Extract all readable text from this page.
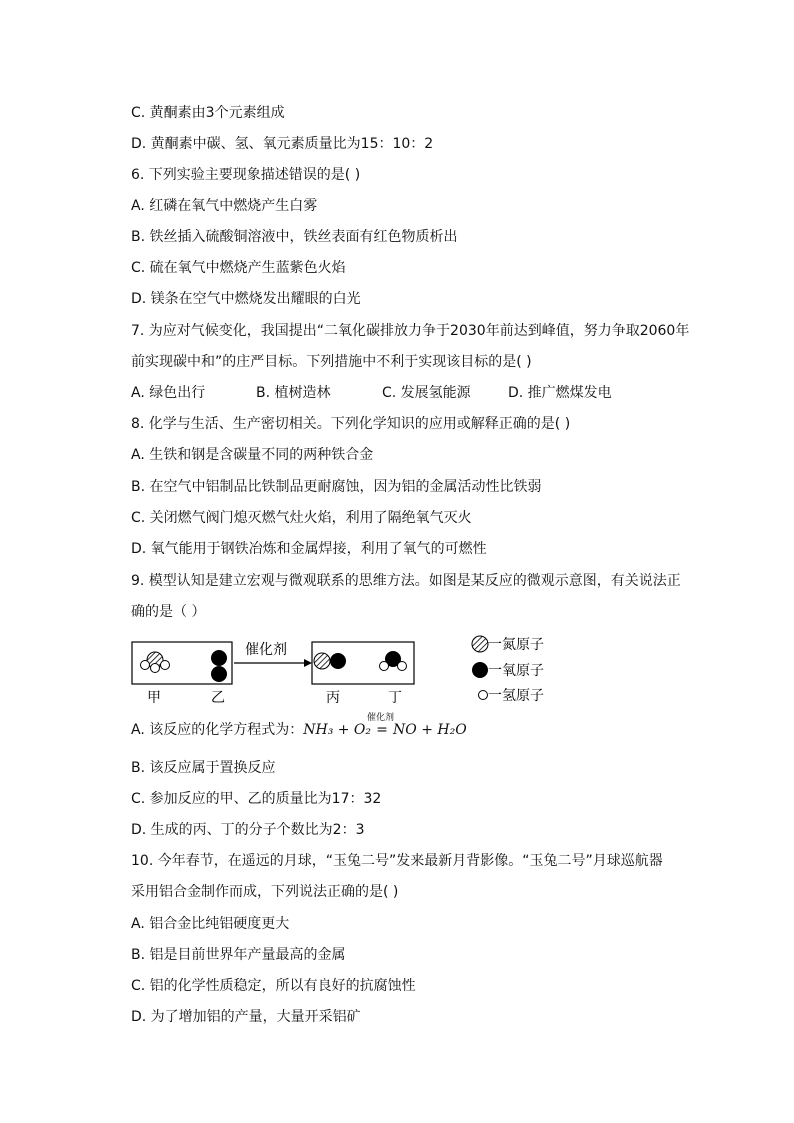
C. 黄酮素由3个元素组成
D. 黄酮素中碳、氢、氧元素质量比为15：10：2
6. 下列实验主要现象描述错误的是( )
A. 红磷在氧气中燃烧产生白雾
B. 铁丝插入硫酸铜溶液中，铁丝表面有红色物质析出
C. 硫在氧气中燃烧产生蓝紫色火焰
D. 镁条在空气中燃烧发出耀眼的白光
7. 为应对气候变化，我国提出“二氧化碳排放力争于2030年前达到峰值，努力争取2060年
前实现碳中和”的庄严目标。下列措施中不利于实现该目标的是( )
A. 绿色出行	B. 植树造林	C. 发展氢能源	D. 推广燃煤发电
8. 化学与生活、生产密切相关。下列化学知识的应用或解释正确的是( )
A. 生铁和钢是含碳量不同的两种铁合金
B. 在空气中铝制品比铁制品更耐腐蚀，因为铝的金属活动性比铁弱
C. 关闭燃气阀门熄灭燃气灶火焰，利用了隔绝氧气灭火
D. 氧气能用于钢铁冶炼和金属焊接，利用了氧气的可燃性
9. 模型认知是建立宏观与微观联系的思维方法。如图是某反应的微观示意图，有关说法正
确的是（ ）
催化剂
甲	乙	丙	丁
一氮原子
一氧原子
一氢原子
A. 该反应的化学方程式为：NH₃ + O₂
催化剂
= NO + H₂O
B. 该反应属于置换反应
C. 参加反应的甲、乙的质量比为17：32
D. 生成的丙、丁的分子个数比为2：3
10. 今年春节，在遥远的月球，“玉兔二号”发来最新月背影像。“玉兔二号”月球巡航器
采用铝合金制作而成，下列说法正确的是( )
A. 铝合金比纯铝硬度更大
B. 铝是目前世界年产量最高的金属
C. 铝的化学性质稳定，所以有良好的抗腐蚀性
D. 为了增加铝的产量，大量开采铝矿
